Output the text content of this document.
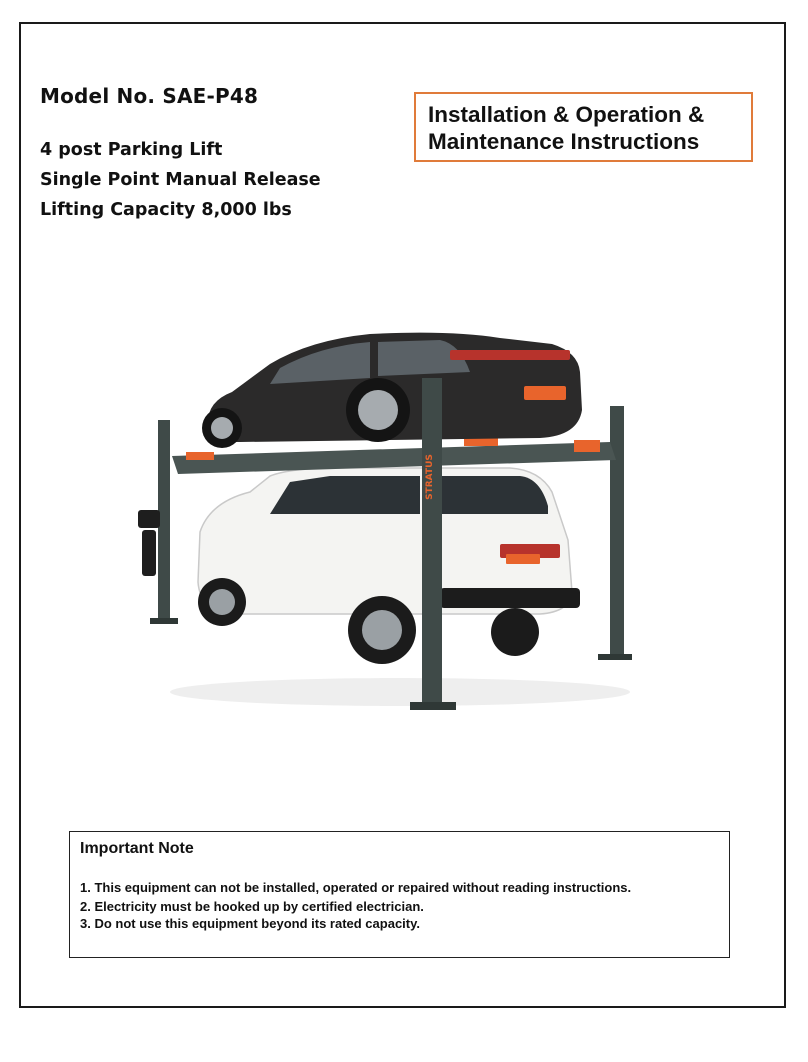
Model No. SAE-P48

4 post Parking Lift

Single Point Manual Release

Lifting Capacity 8,000 lbs

Installation & Operation &
Maintenance Instructions
STRATUS
Important Note
1. This equipment can not be installed, operated or repaired without reading instructions.
2. Electricity must be hooked up by certified electrician.
3. Do not use this equipment beyond its rated capacity.
